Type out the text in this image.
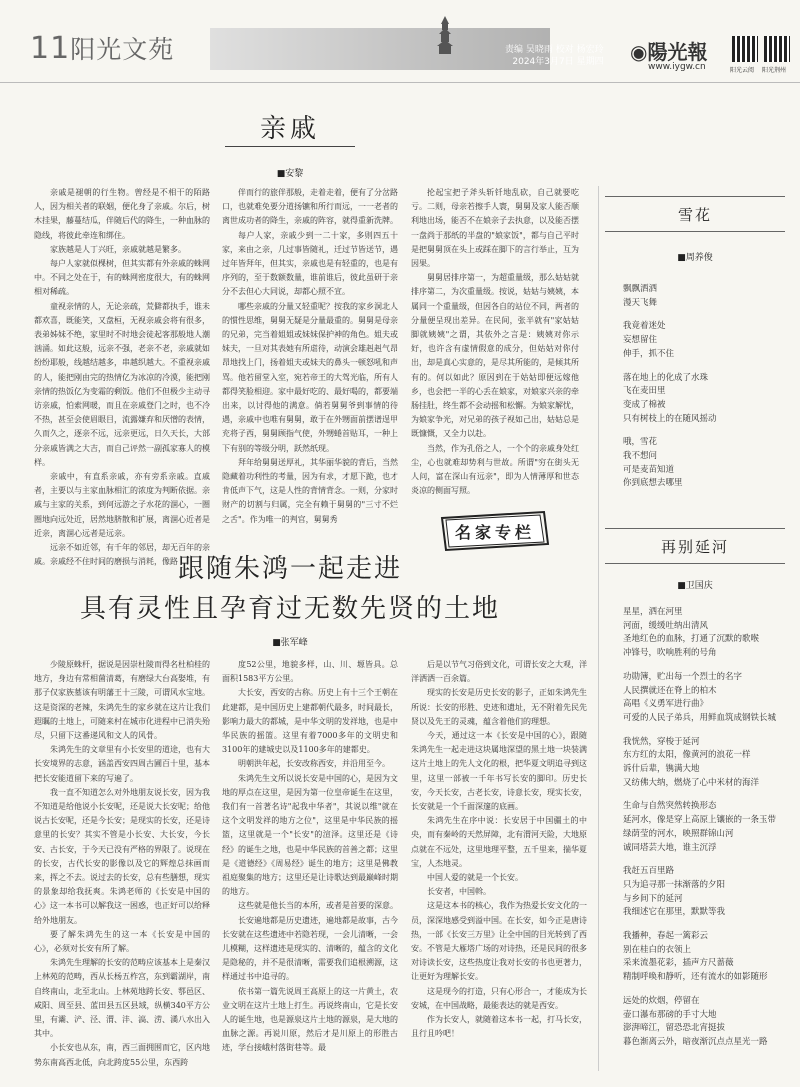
11阳光文苑	责编 吴晓雨 校对 杨宏玲
2024年3月7日 星期四 ◉陽光報
www.iygw.cn	阳光云阅 阳光荆州
亲戚
■安黎

亲戚是褪朝的行生物。曾经是不相干的陌路人，因为相关者的联姻，便化身了亲戚。尔后，树木挂果，藤蔓结瓜，伴随后代的降生，一种血脉的隐线，将彼此牵连和绑住。

家族越是人丁兴旺，亲戚就越是繁多。

每户人家就似棵树，但其实都有外亲戚的蛛网中。不同之处在于，有的蛛网密度很大，有的蛛网相对稀疏。

童视亲情的人，无论亲疏，荒僻都执手，谁未都欢喜，既能笑，又盘桓，无视亲戚会将有很多，表弟姊妹不绝，家里时不时地会徒起客那般地人潮汹涌。如此这般，远亲不强，老亲不老，亲戚就如纷纷耶般，线越结越多，串越织越大。不重视亲戚的人，能把刚由完的热情亿为冰凉的冷漠，能把刚亲情的热饭亿为变霜的剩饭。他们不但极少主动寻访亲戚，怕索网暖，而且在亲戚登门之时，也不冷不热，甚至会使眉眼目，流露嫌弃和厌憎的表情，久而久之，逐亲不远，远亲更远，日久天长，大部分亲戚皆满之大吉，而自己评然一副孤家寡人的模样。

亲戚中，有直系亲戚，亦有旁系亲戚。直戚者，主要以与主家血脉相汇的浓度为判断依据。亲戚与主家的关系，到何远游之子水花的涸心，一圈圈地向远处近，居然地脐散和扩展，离涸心近者是近亲，离涸心远者是远亲。

远亲不如近邻，有千年的邻居，却无百年的亲戚。亲戚经不住时间的磨损与消耗，像路

伴而行的旅伴那般，走着走着，便有了分岔路口，也就难免要分道扬镳和所行而远，一一老者的离世成功者的降生，亲戚的阵容，就得重新洗牌。

每户人家，亲戚少到一二十家，多则四五十家，来由之亲，几过事皆随礼，迁过节皆送节，遇过年皆拜年，但其实，亲戚也是有轻重的，也是有序列的，至于数额数量，谁前谁后，彼此虽研于亲分不去但心大同说，却都心照不宣。

哪些亲戚的分量又轻重呢？按我的家乡洞北人的惯性思维，舅舅无疑是分量最重的。舅舅是母亲的兄弟，完当着姐姐或妹妹保护神的角色。姐夫或妹夫，一旦对其表她有所虐待，动演会雄赳赳气昂昂地找上门，扬着姐夫或妹夫的鼻头一顿怒吼和声骂。他若留堂入室，宛若帝王的大驾光临，所有人都得笑脸相迎。家中最好吃的、最好喝的，都要端出来，以讨得他的满意。倘若舅舅爷到事情的待遇，亲戚中也唯有舅舅，敢于在外甥面前摆谱逞甲充将子西，舅舅顾指气使，外甥蜷首贴耳，一种上下有别的等级分明，跃然纸现。

拜年给舅舅送厚礼，其华丽华貌的背后，当然隐藏着功利性的考量，因为有求，才愿下跪，也才肯低声下气，这是人性的背情背念。一则，分家时财产的切割与归属，完全有赖于舅舅的"三寸不烂之舌"。作为唯一的判官，舅舅秀

抡起宝把子斧头斩钎地乱砍，自己就要吃亏。二则，母亲若擦手人寰，舅舅及家人能否顺利地出场，能否不在娘亲子去执意，以及能否摆一盘尚于那纸的半盘的"娘家饭"，都与自己平时是把舅舅顶在头上或踩在脚下的言行举止，互为因果。

舅舅居排序第一，为超重量级，那么姑姑就排序第二，为次重量级。按说，姑姑与姨姨，本属同一个重量级，但因各自的站位不同，两者的分量便呈现出差异。在民间，张半就有"家姑姑脚就姨姨"之谓，其依外之言是：姨姨对你示好，也许含有虚情假意的成分，但姑姑对你付出，却是真心实意的，是尽其所能的，是倾其所有的。何以如此？原因到在于姑姑即便远嫁他乡，也会把一半的心丢在娘家，对娘家兴亲的牵肠挂肚，终生都不会动摇和松懈。为娘家解忧，为娘家争光，对兄弟的孩子视如己出，姑姑总是既慷慨，又全力以赴。

当然，作为孔俗之人，一个个的亲戚身处红尘，心也就难却势利与世故。所谓"穷在街头无人问，富在深山有远亲"，即为人情薄厚和世态炎凉的侧面写照。

名家专栏
雪花
■周养俊
飘飘洒洒
漫天飞舞
我竟着迷处
妄想留住
伸手，抓不住
落在地上的化成了水珠
飞在麦田里
变成了棉被
只有树枝上的在随风摇动
哦，雪花
我不想问
可是麦苗知道
你到底想去哪里
跟随朱鸿一起走进
具有灵性且孕育过无数先贤的土地
■张军峰

少陵原蛛杆，据说是因崇杜陵而得名杜柏桂的地方，身边有常相菌清葛，有磨绿大台高娶堆，有那子仅家族墓该有明藩王十三陵，可谓风水宝地。这是资深的老辣，朱鸿先生的家乡就在这片让我们遐瞩的土地上，可随来村在城市化进程中已消失殆尽，只留下这番递风和文人的风骨。

朱鸿先生的文章里有小长安里的道途，也有大长安境界的志意，涵盖西安四周古圃百十里，基本把长安能道留下来的写遍了。

我一直不知道怎么对外地朋友说长安，因为我不知道是给他说小长安呢，还是说大长安呢；给他说古长安呢，还是今长安；是现实的长安，还是诗意里的长安？其实不管是小长安、大长安，今长安、古长安，于今天已没有严格的界限了。说现在的长安，古代长安的影像以及它的辉煌总抹画而来，挥之不去。说过去的长安，总有些膳想，现实的景象却给我抚爽。朱鸿老师的《长安是中国的心》这一本书可以解我这一困惑，也正好可以给释给外地朋友。

要了解朱鸿先生的这一本《长安是中国的心》，必须对长安有所了解。

朱鸿先生理解的长安的范畴应该基本上是秦汉上林苑的范畴，西从长杨五柞宫，东到霸湖岸，南自终南山，北至北山。上林苑地跨长安、鄠邑区、咸阳、周至县、蓝田县五区县域，纵横340平方公里，有灞、浐、泾、渭、沣、滈、涝、潏八水出入其中。

小长安也从东，南，西三面拥围而它，区内地势东南高西北低，向北跨度55公里，东西跨

度52公里，地貌多样，山、川、塬皆具。总面积1583平方公里。

大长安，西安的古称。历史上有十三个王朝在此建都，是中国历史上建都朝代最多，时间最长，影响力最大的都城，是中华文明的发祥地，也是中华民族的摇篮。这里有着7000多年的文明史和3100年的建城史以及1100多年的建都史。

明朝洪年起，长安改称西安，并沿用至今。

朱鸿先生文所以说长安是中国的心，是因为文地的厚点在这里，是因为第一位皇帝诞生在这里，我们有一首著名诗"起我中华者"，其说以维"就在这个文明发祥的地方之位"，这里是中华民族的摇篮，这里就是一个"长安"的渲泽。这里还是《诗经》的诞生之地，也是中华民族的首善之都；这里是《道德经》《周易经》诞生的地方；这里是佛教祖庭聚集的地方；这里还是让诗歌达到最巅峰时期的地方。

这些就是他长当的本所，或者是首要的深意。

长安遍地都是历史遗迹，遍地都是故事，古今长安就在这些遗迹中若隐若现，一会儿清晰，一会儿模糊，这样遗迹是现实的、清晰的，蕴含的文化是隐秘的，并不是很清晰，需要我们追根溯源，这样通过书中追寻的。

依书第一篇先说周王高原上的这一片黄土，农业文明在这片土地上打生。再说终南山，它是长安人的诞生地，也是源泉这片土地的源泉，是大地的血脉之源。再说川原，然后才是川原上的形胜古迹，学台接峨村落街巷等。最

后是以节气习俗到文化，可谓长安之大观，洋洋洒洒一百余篇。

现实的长安是历史长安的影子，正如朱鸿先生所说：长安的形胜、史迹和遗址，无不附着先民先贤以及先王的灵魂，蕴含着他们的理想。

今天，通过这一本《长安是中国的心》，跟随朱鸿先生一起走进这块属地深望的黑土地一块装满这片土地上的先人文化的根，把华夏文明追寻到这里，这里一部被一千年书写长安的脚印。历史长安，今天长安，古老长安，诗意长安，现实长安，长安就是一个千面深邃的底画。

朱鸿先生在序中说：长安居于中国疆土的中央，而有秦岭的天然屏障，北有渭河天险，大地原点就在不远处，这里地理平整，五千里来，揣华夏宝，人杰地灵。

中国人爱的就是一个长安。

长安者，中国斡。

这是这本书的核心，我作为热爱长安文化的一员，深深地感受到溢中国。在长安，如今正是唐诗热，一部《长安三万里》让全中国的目光转到了西安。不管是大雁塔广场的对诗热，还是民间的很多对诗读长安，这些热度让我对长安的书也更著力，让更好为理解长安。

这是现今的打造，只有心形合一，才能成为长安城，在中国战略，最能表达的就是西安。

作为长安人，就随着这本书一起，打马长安，且行且吟吧！

再别延河
■卫国庆
星星，洒在河里
河面，缓缓吐纳出清风
圣地红色的血脉，打通了沉默的歌喉
冲锋号，吹响胜利的号角
功勋簿，贮出每一个烈士的名字
人民撰就还在脊上的柏木
高唱《义勇军进行曲》
可爱的人民子弟兵，用鲜血筑成钢铁长城
我恍然，穿梭于延河
东方红的太阳，像黄河的浪花一样
诉什后辈，镌满大地
又纺佛大纳，燃烧了心中米材的海洋
生命与自然突然转换形态
延河水，像是穿上高原上镶嵌的一条玉带
绿荫莹的河水，映照群锦山河
诚同塔芸大地，谁主沉浮
我赶五百里路
只为追寻那一抹渐落的夕阳
与乡间下的延河
我细述它在那里，默默等我
我播种，春起一篱彩云
别在桂白的衣领上
采来流墨花彩，插声方尺蔷薇
精制呼唤和静听，还有流水的如影随形
远处的炊烟，停留在
壶口瀑布那磅的手寸大地
澎湃啼江，留恐恐北宵挺拔
暮色渐离云外，暗夜渐沉点点星光一路
